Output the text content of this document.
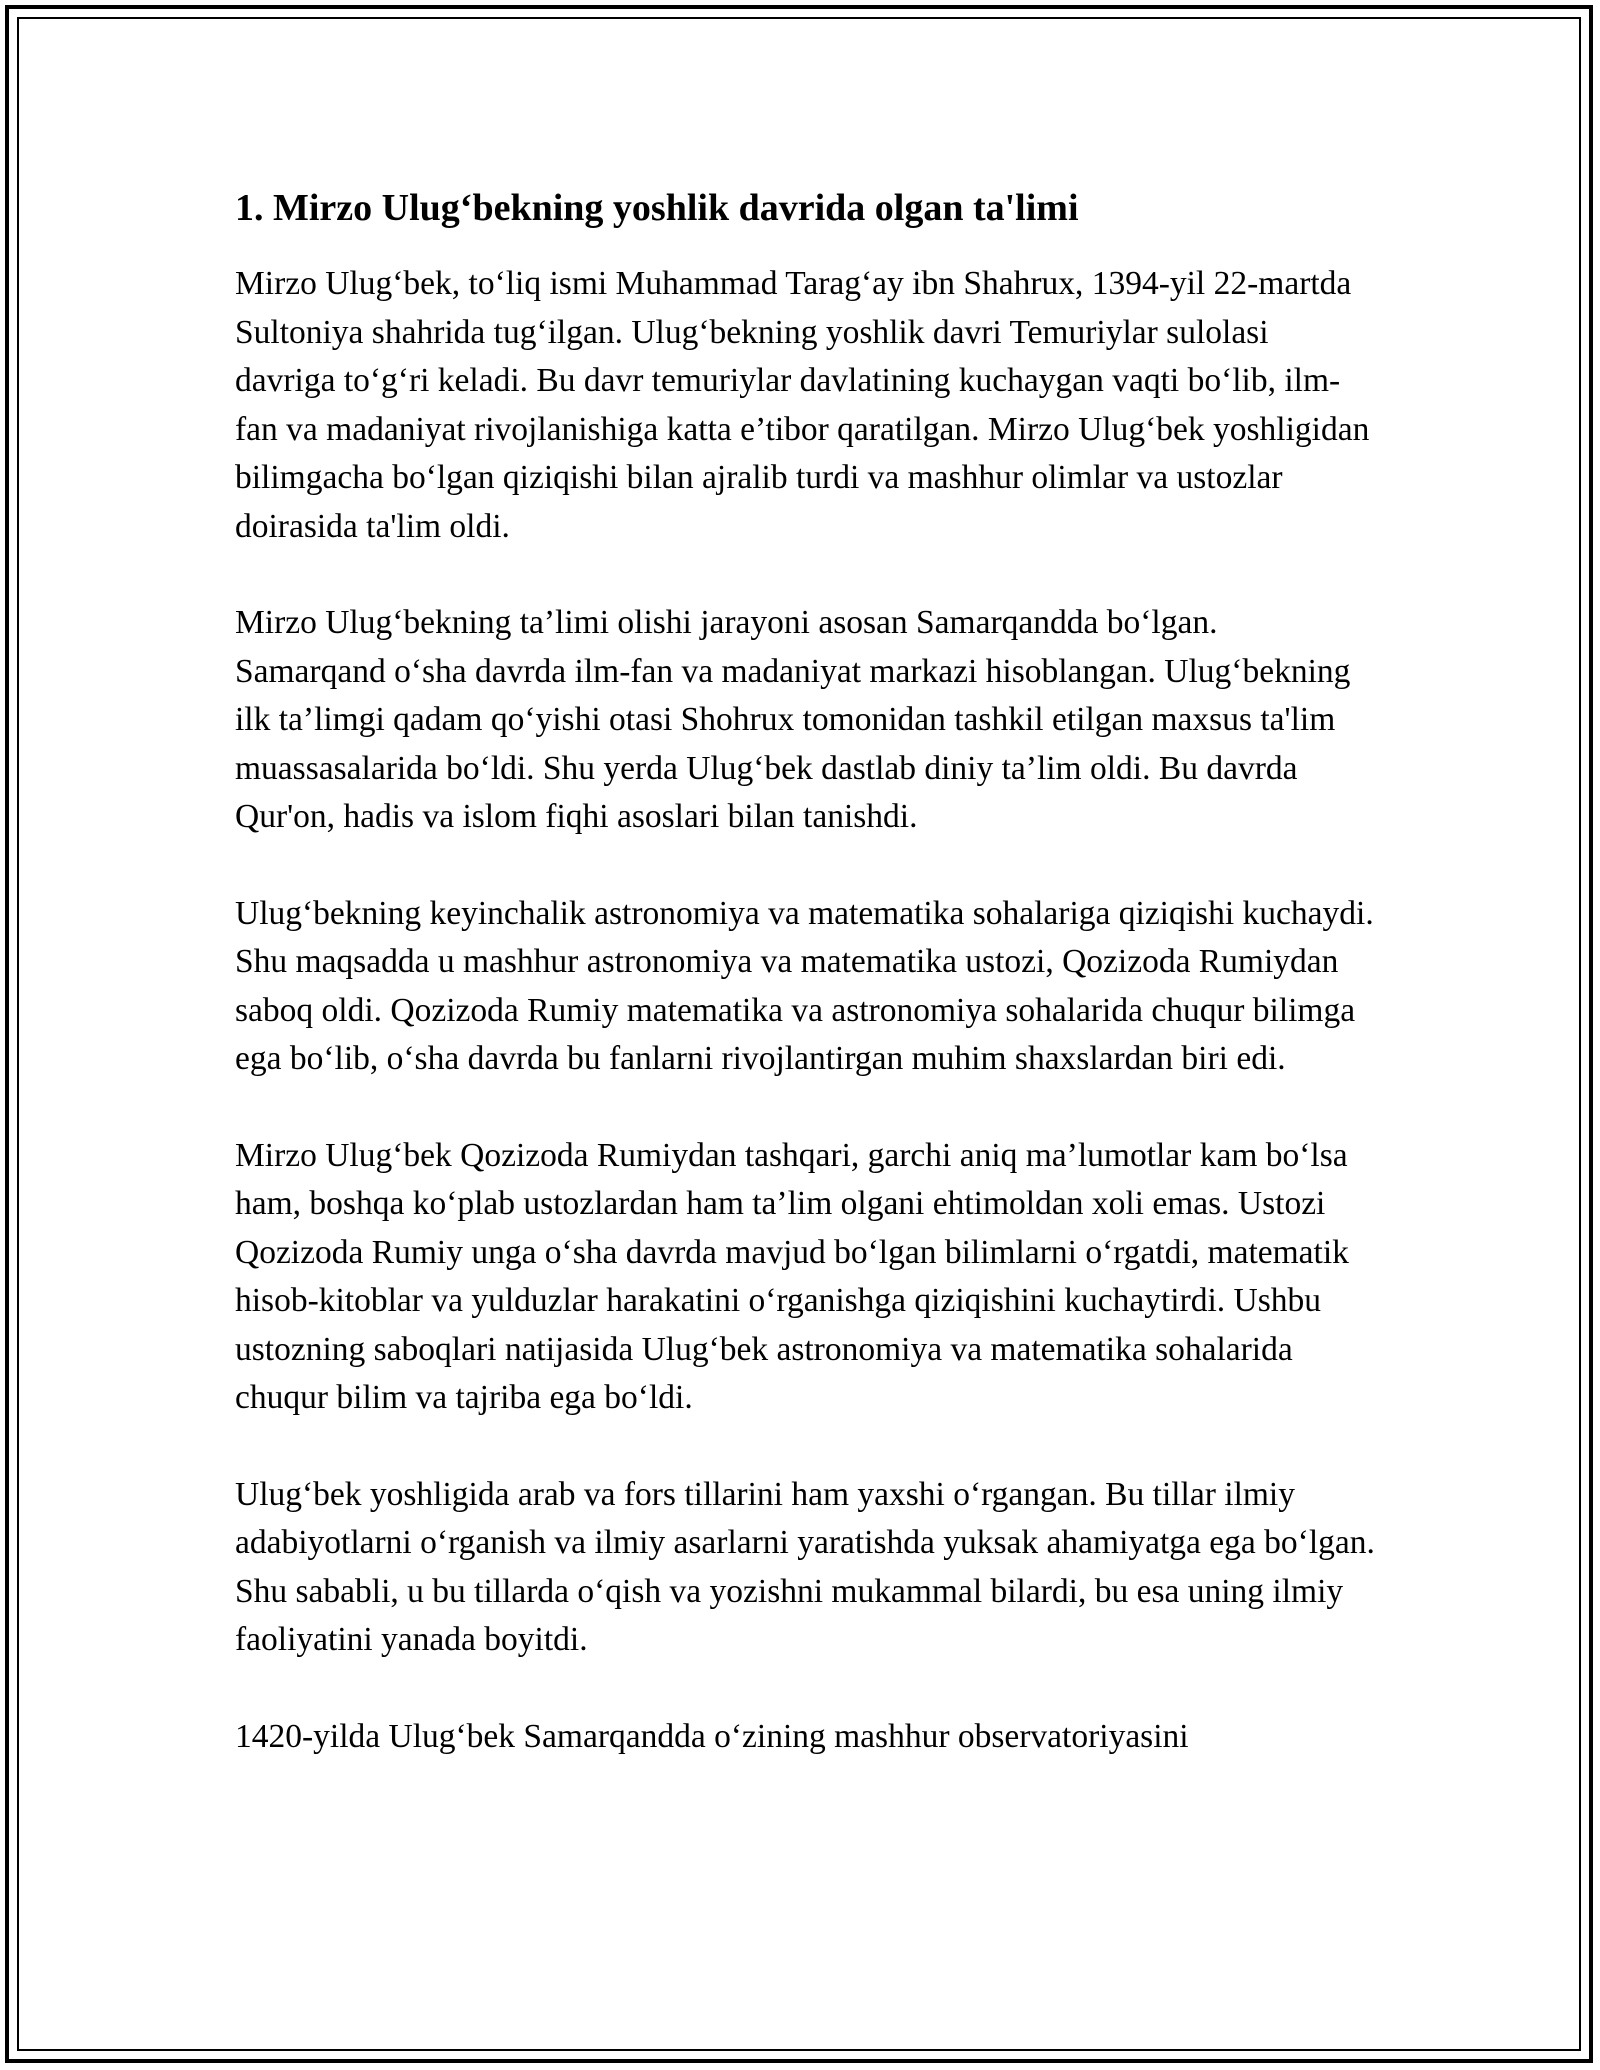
1. Mirzo Ulug‘bekning yoshlik davrida olgan ta'limi

Mirzo Ulug‘bek, to‘liq ismi Muhammad Tarag‘ay ibn Shahrux, 1394-yil 22-martda Sultoniya shahrida tug‘ilgan. Ulug‘bekning yoshlik davri Temuriylar sulolasi davriga to‘g‘ri keladi. Bu davr temuriylar davlatining kuchaygan vaqti bo‘lib, ilm-fan va madaniyat rivojlanishiga katta e’tibor qaratilgan. Mirzo Ulug‘bek yoshligidan bilimgacha bo‘lgan qiziqishi bilan ajralib turdi va mashhur olimlar va ustozlar doirasida ta'lim oldi.

Mirzo Ulug‘bekning ta’limi olishi jarayoni asosan Samarqandda bo‘lgan. Samarqand o‘sha davrda ilm-fan va madaniyat markazi hisoblangan. Ulug‘bekning ilk ta’limgi qadam qo‘yishi otasi Shohrux tomonidan tashkil etilgan maxsus ta'lim muassasalarida bo‘ldi. Shu yerda Ulug‘bek dastlab diniy ta’lim oldi. Bu davrda Qur'on, hadis va islom fiqhi asoslari bilan tanishdi.

Ulug‘bekning keyinchalik astronomiya va matematika sohalariga qiziqishi kuchaydi. Shu maqsadda u mashhur astronomiya va matematika ustozi, Qozizoda Rumiydan saboq oldi. Qozizoda Rumiy matematika va astronomiya sohalarida chuqur bilimga ega bo‘lib, o‘sha davrda bu fanlarni rivojlantirgan muhim shaxslardan biri edi.

Mirzo Ulug‘bek Qozizoda Rumiydan tashqari, garchi aniq ma’lumotlar kam bo‘lsa ham, boshqa ko‘plab ustozlardan ham ta’lim olgani ehtimoldan xoli emas. Ustozi Qozizoda Rumiy unga o‘sha davrda mavjud bo‘lgan bilimlarni o‘rgatdi, matematik hisob-kitoblar va yulduzlar harakatini o‘rganishga qiziqishini kuchaytirdi. Ushbu ustozning saboqlari natijasida Ulug‘bek astronomiya va matematika sohalarida chuqur bilim va tajriba ega bo‘ldi.

Ulug‘bek yoshligida arab va fors tillarini ham yaxshi o‘rgangan. Bu tillar ilmiy adabiyotlarni o‘rganish va ilmiy asarlarni yaratishda yuksak ahamiyatga ega bo‘lgan. Shu sababli, u bu tillarda o‘qish va yozishni mukammal bilardi, bu esa uning ilmiy faoliyatini yanada boyitdi.

1420-yilda Ulug‘bek Samarqandda o‘zining mashhur observatoriyasini
